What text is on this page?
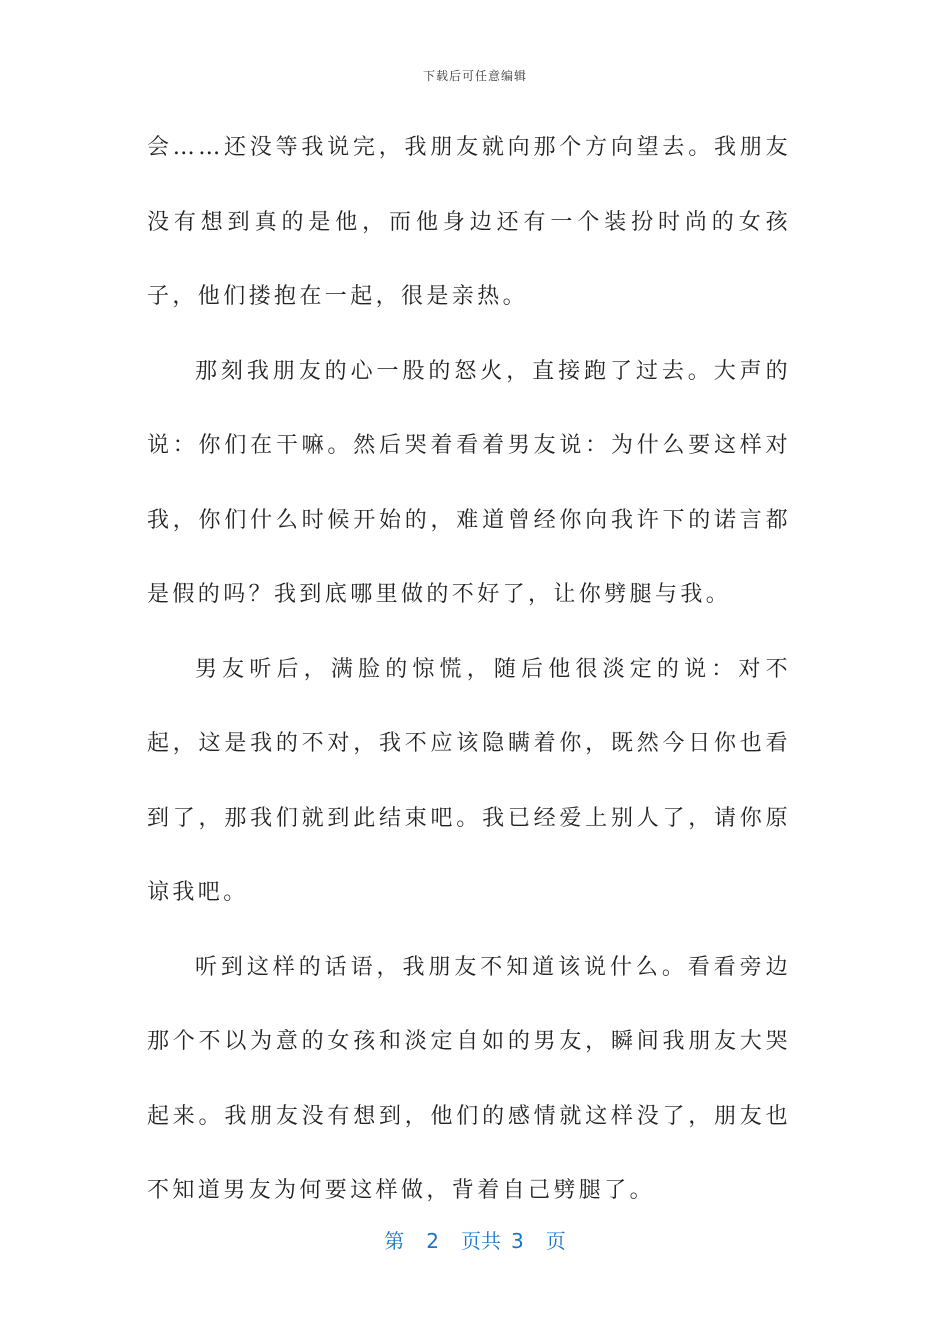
下载后可任意编辑

会……还没等我说完，我朋友就向那个方向望去。我朋友没有想到真的是他，而他身边还有一个装扮时尚的女孩子，他们搂抱在一起，很是亲热。

那刻我朋友的心一股的怒火，直接跑了过去。大声的说：你们在干嘛。然后哭着看着男友说：为什么要这样对我，你们什么时候开始的，难道曾经你向我许下的诺言都是假的吗？我到底哪里做的不好了，让你劈腿与我。

男友听后，满脸的惊慌，随后他很淡定的说：对不起，这是我的不对，我不应该隐瞒着你，既然今日你也看到了，那我们就到此结束吧。我已经爱上别人了，请你原谅我吧。

听到这样的话语，我朋友不知道该说什么。看看旁边那个不以为意的女孩和淡定自如的男友，瞬间我朋友大哭起来。我朋友没有想到，他们的感情就这样没了，朋友也不知道男友为何要这样做，背着自己劈腿了。

第 2 页共 3 页
